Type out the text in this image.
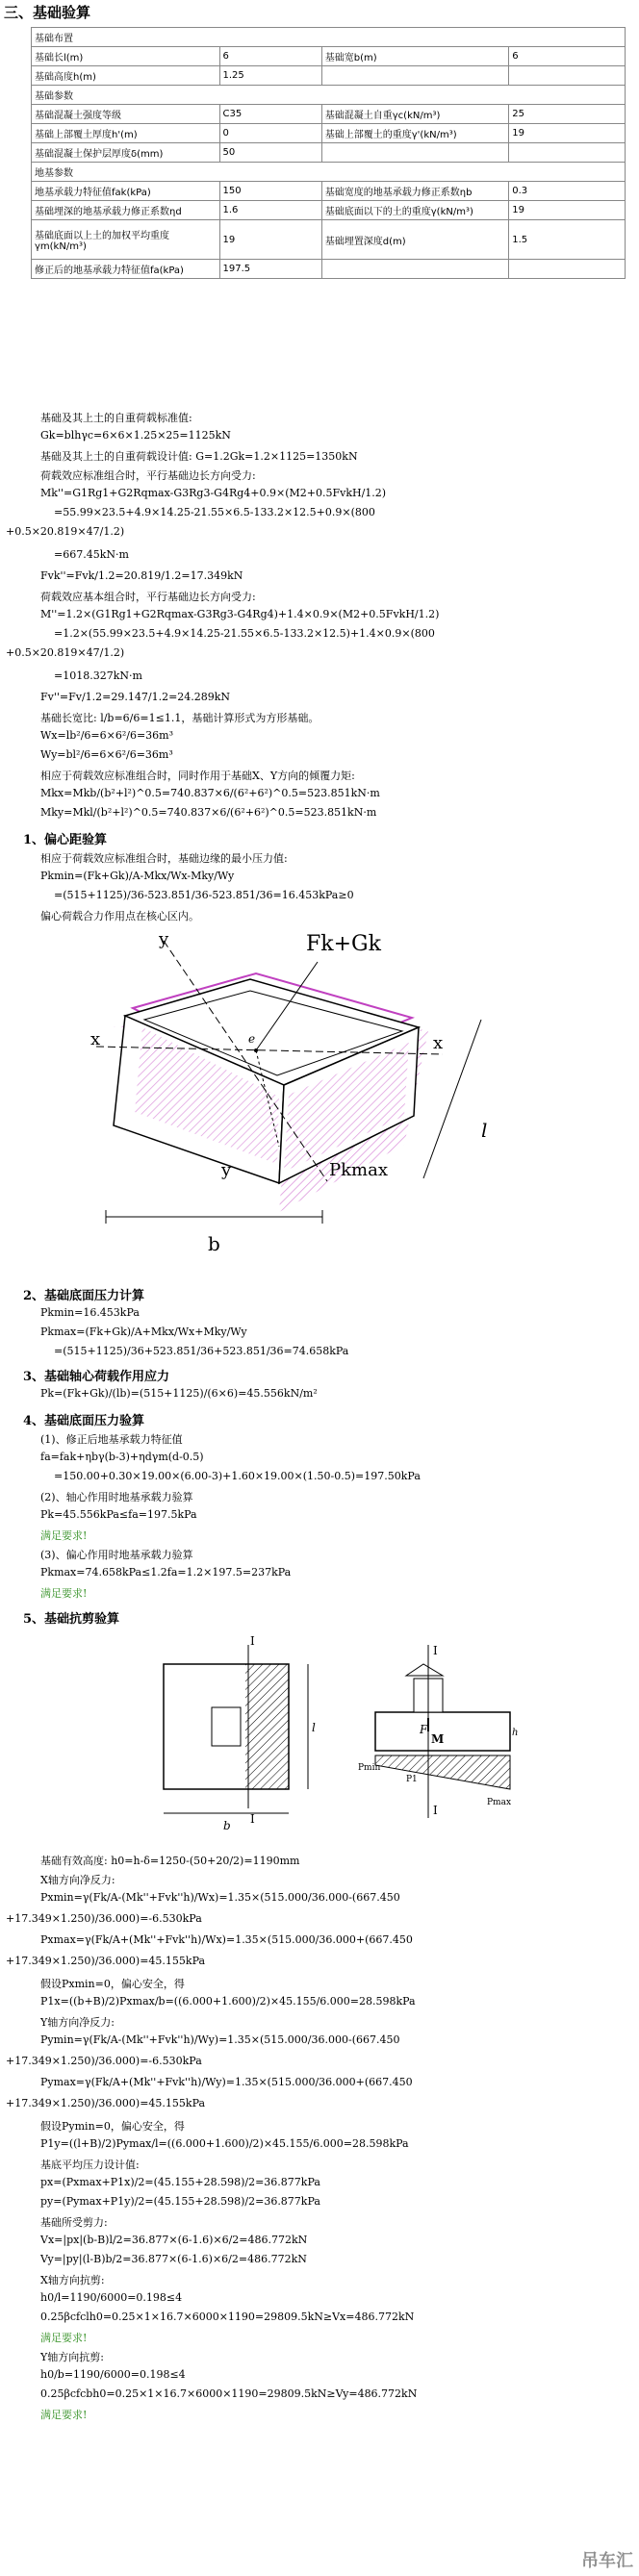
三、基础验算
基础布置			
基础长l(m)	6	基础宽b(m)	6
基础高度h(m)	1.25		
基础参数			
基础混凝土强度等级	C35	基础混凝土自重γc(kN/m³)	25
基础上部覆土厚度h'(m)	0	基础上部覆土的重度γ'(kN/m³)	19
基础混凝土保护层厚度δ(mm)	50		
地基参数			
地基承载力特征值fak(kPa)	150	基础宽度的地基承载力修正系数ηb	0.3
基础埋深的地基承载力修正系数ηd	1.6	基础底面以下的土的重度γ(kN/m³)	19
基础底面以上土的加权平均重度γm(kN/m³)	19	基础埋置深度d(m)	1.5
修正后的地基承载力特征值fa(kPa)	197.5		
基础及其上土的自重荷载标准值:
Gk=blhγc=6×6×1.25×25=1125kN
基础及其上土的自重荷载设计值: G=1.2Gk=1.2×1125=1350kN
荷载效应标准组合时，平行基础边长方向受力:
Mk''=G1Rg1+G2Rqmax-G3Rg3-G4Rg4+0.9×(M2+0.5FvkH/1.2)
=55.99×23.5+4.9×14.25-21.55×6.5-133.2×12.5+0.9×(800
+0.5×20.819×47/1.2)
=667.45kN·m
Fvk''=Fvk/1.2=20.819/1.2=17.349kN
荷载效应基本组合时，平行基础边长方向受力:
M''=1.2×(G1Rg1+G2Rqmax-G3Rg3-G4Rg4)+1.4×0.9×(M2+0.5FvkH/1.2)
=1.2×(55.99×23.5+4.9×14.25-21.55×6.5-133.2×12.5)+1.4×0.9×(800
+0.5×20.819×47/1.2)
=1018.327kN·m
Fv''=Fv/1.2=29.147/1.2=24.289kN
基础长宽比: l/b=6/6=1≤1.1，基础计算形式为方形基础。
Wx=lb²/6=6×6²/6=36m³
Wy=bl²/6=6×6²/6=36m³
相应于荷载效应标准组合时，同时作用于基础X、Y方向的倾覆力矩:
Mkx=Mkb/(b²+l²)^0.5=740.837×6/(6²+6²)^0.5=523.851kN·m
Mky=Mkl/(b²+l²)^0.5=740.837×6/(6²+6²)^0.5=523.851kN·m
1、偏心距验算
相应于荷载效应标准组合时，基础边缘的最小压力值:
Pkmin=(Fk+Gk)/A-Mkx/Wx-Mky/Wy
=(515+1125)/36-523.851/36-523.851/36=16.453kPa≥0
偏心荷载合力作用点在核心区内。
y
x	x
y
Fk+Gk
Pkmax
b
l
e
2、基础底面压力计算
Pkmin=16.453kPa
Pkmax=(Fk+Gk)/A+Mkx/Wx+Mky/Wy
=(515+1125)/36+523.851/36+523.851/36=74.658kPa
3、基础轴心荷载作用应力
Pk=(Fk+Gk)/(lb)=(515+1125)/(6×6)=45.556kN/m²
4、基础底面压力验算
(1)、修正后地基承载力特征值
fa=fak+ηbγ(b-3)+ηdγm(d-0.5)
=150.00+0.30×19.00×(6.00-3)+1.60×19.00×(1.50-0.5)=197.50kPa
(2)、轴心作用时地基承载力验算
Pk=45.556kPa≤fa=197.5kPa
满足要求!
(3)、偏心作用时地基承载力验算
Pkmax=74.658kPa≤1.2fa=1.2×197.5=237kPa
满足要求!
5、基础抗剪验算
Ⅰ
Ⅰ
l
b
Ⅰ
Ⅰ
F
M	h
Pmin
P1
Pmax
基础有效高度: h0=h-δ=1250-(50+20/2)=1190mm
X轴方向净反力:
Pxmin=γ(Fk/A-(Mk''+Fvk''h)/Wx)=1.35×(515.000/36.000-(667.450
+17.349×1.250)/36.000)=-6.530kPa
Pxmax=γ(Fk/A+(Mk''+Fvk''h)/Wx)=1.35×(515.000/36.000+(667.450
+17.349×1.250)/36.000)=45.155kPa
假设Pxmin=0，偏心安全，得
P1x=((b+B)/2)Pxmax/b=((6.000+1.600)/2)×45.155/6.000=28.598kPa
Y轴方向净反力:
Pymin=γ(Fk/A-(Mk''+Fvk''h)/Wy)=1.35×(515.000/36.000-(667.450
+17.349×1.250)/36.000)=-6.530kPa
Pymax=γ(Fk/A+(Mk''+Fvk''h)/Wy)=1.35×(515.000/36.000+(667.450
+17.349×1.250)/36.000)=45.155kPa
假设Pymin=0，偏心安全，得
P1y=((l+B)/2)Pymax/l=((6.000+1.600)/2)×45.155/6.000=28.598kPa
基底平均压力设计值:
px=(Pxmax+P1x)/2=(45.155+28.598)/2=36.877kPa
py=(Pymax+P1y)/2=(45.155+28.598)/2=36.877kPa
基础所受剪力:
Vx=|px|(b-B)l/2=36.877×(6-1.6)×6/2=486.772kN
Vy=|py|(l-B)b/2=36.877×(6-1.6)×6/2=486.772kN
X轴方向抗剪:
h0/l=1190/6000=0.198≤4
0.25βcfclh0=0.25×1×16.7×6000×1190=29809.5kN≥Vx=486.772kN
满足要求!
Y轴方向抗剪:
h0/b=1190/6000=0.198≤4
0.25βcfcbh0=0.25×1×16.7×6000×1190=29809.5kN≥Vy=486.772kN
满足要求!
吊车汇
